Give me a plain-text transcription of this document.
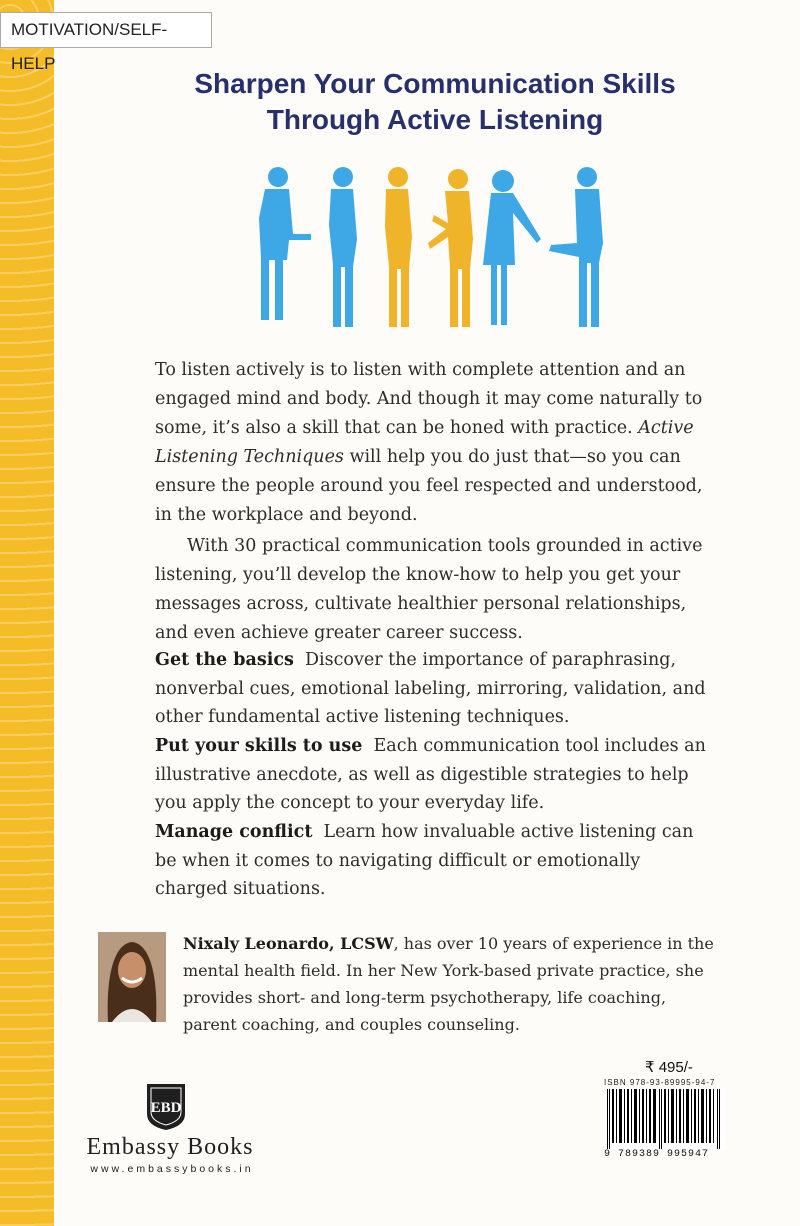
MOTIVATION/SELF-HELP
Sharpen Your Communication Skills
Through Active Listening

To listen actively is to listen with complete attention and an engaged mind and body. And though it may come naturally to some, it’s also a skill that can be honed with practice. Active Listening Techniques will help you do just that—so you can ensure the people around you feel respected and understood, in the workplace and beyond.

With 30 practical communication tools grounded in active listening, you’ll develop the know-how to help you get your messages across, cultivate healthier personal relationships, and even achieve greater career success.

Get the basics Discover the importance of paraphrasing, nonverbal cues, emotional labeling, mirroring, validation, and other fundamental active listening techniques.
Put your skills to use Each communication tool includes an illustrative anecdote, as well as digestible strategies to help you apply the concept to your everyday life.
Manage conflict Learn how invaluable active listening can be when it comes to navigating difficult or emotionally charged situations.
Nixaly Leonardo, LCSW, has over 10 years of experience in the mental health field. In her New York-based private practice, she provides short- and long-term psychotherapy, life coaching, parent coaching, and couples counseling.
₹ 495/-
ISBN 978-93-89995-94-7
9 789389 995947
EBD
Embassy Books
www.embassybooks.in
